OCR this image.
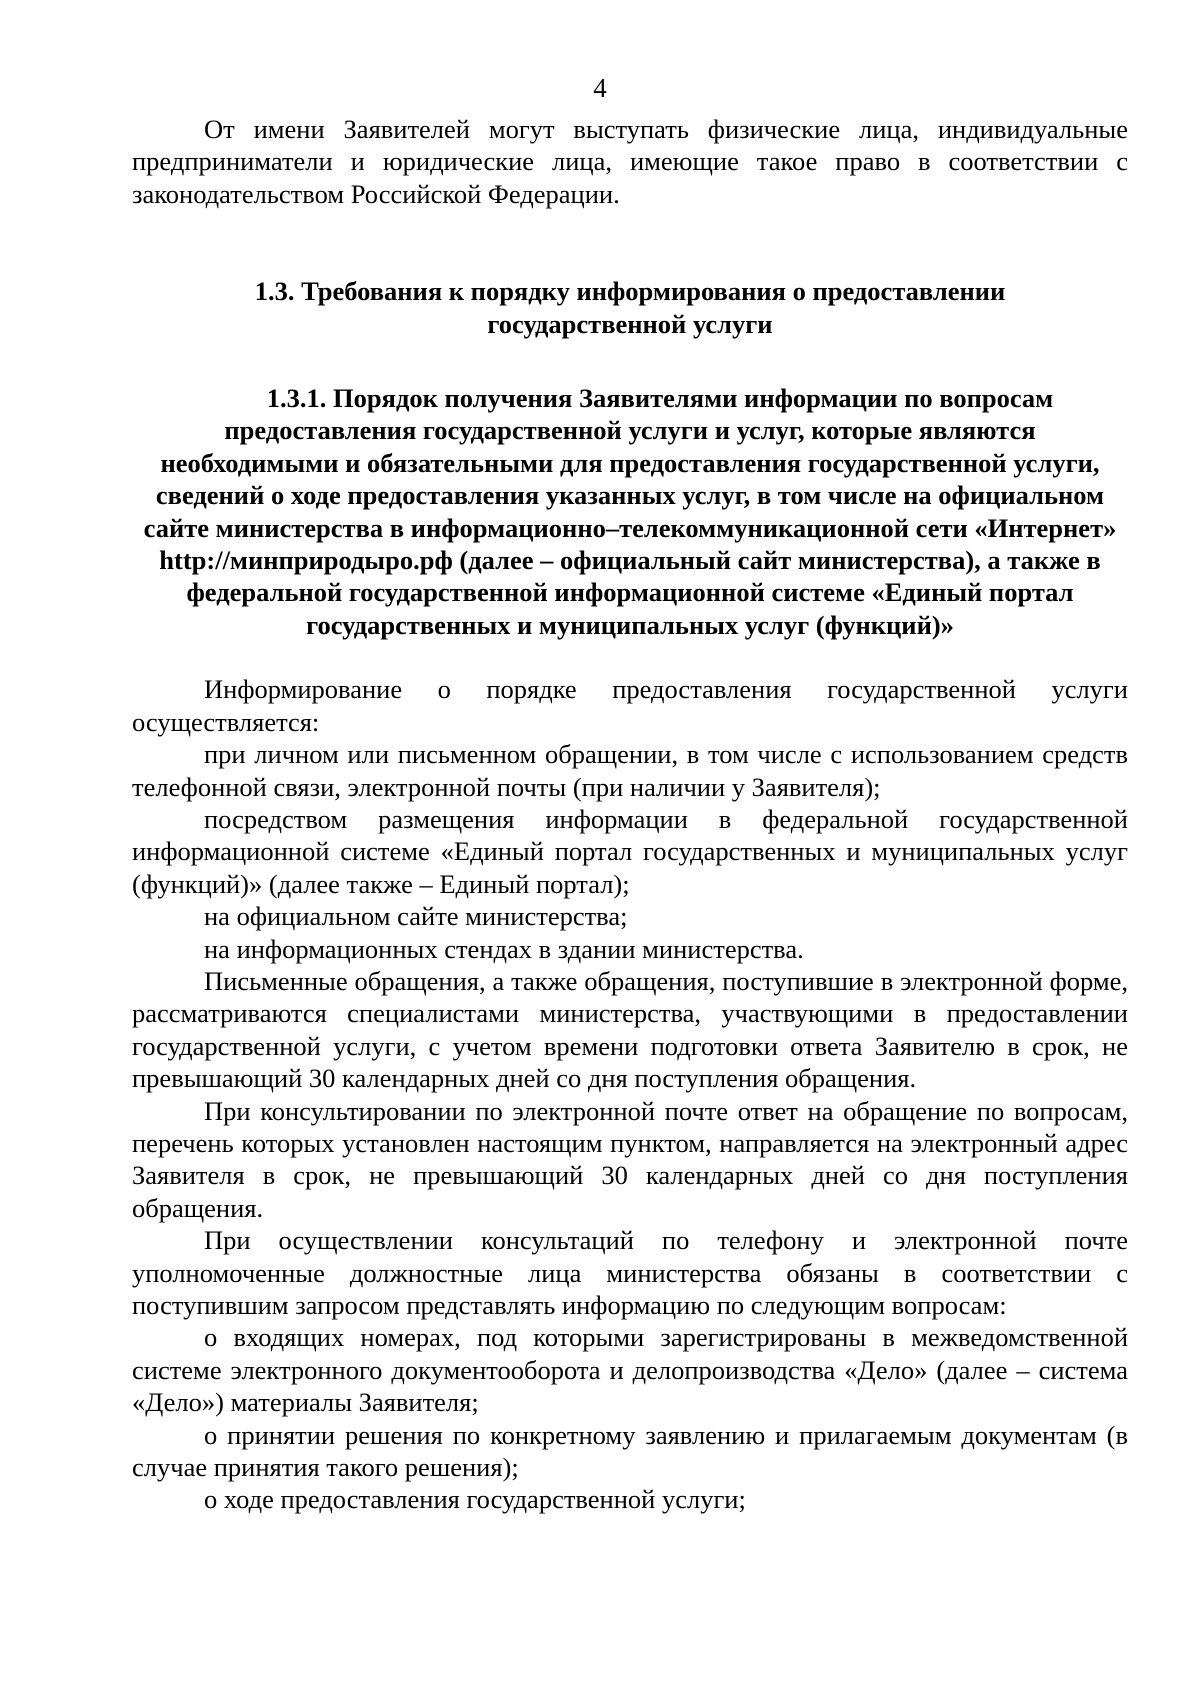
4

От имени Заявителей могут выступать физические лица, индивидуальные предприниматели и юридические лица, имеющие такое право в соответствии с законодательством Российской Федерации.

1.3. Требования к порядку информирования о предоставлении государственной услуги

1.3.1. Порядок получения Заявителями информации по вопросам предоставления государственной услуги и услуг, которые являются необходимыми и обязательными для предоставления государственной услуги, сведений о ходе предоставления указанных услуг, в том числе на официальном сайте министерства в информационно–телекоммуникационной сети «Интернет» http://минприродыро.рф (далее – официальный сайт министерства), а также в федеральной государственной информационной системе «Единый портал государственных и муниципальных услуг (функций)»

Информирование о порядке предоставления государственной услуги осуществляется:

при личном или письменном обращении, в том числе с использованием средств телефонной связи, электронной почты (при наличии у Заявителя);

посредством размещения информации в федеральной государственной информационной системе «Единый портал государственных и муниципальных услуг (функций)» (далее также – Единый портал);

на официальном сайте министерства;

на информационных стендах в здании министерства.

Письменные обращения, а также обращения, поступившие в электронной форме, рассматриваются специалистами министерства, участвующими в предоставлении государственной услуги, с учетом времени подготовки ответа Заявителю в срок, не превышающий 30 календарных дней со дня поступления обращения.

При консультировании по электронной почте ответ на обращение по вопросам, перечень которых установлен настоящим пунктом, направляется на электронный адрес Заявителя в срок, не превышающий 30 календарных дней со дня поступления обращения.

При осуществлении консультаций по телефону и электронной почте уполномоченные должностные лица министерства обязаны в соответствии с поступившим запросом представлять информацию по следующим вопросам:

о входящих номерах, под которыми зарегистрированы в межведомственной системе электронного документооборота и делопроизводства «Дело» (далее – система «Дело») материалы Заявителя;

о принятии решения по конкретному заявлению и прилагаемым документам (в случае принятия такого решения);

о ходе предоставления государственной услуги;
